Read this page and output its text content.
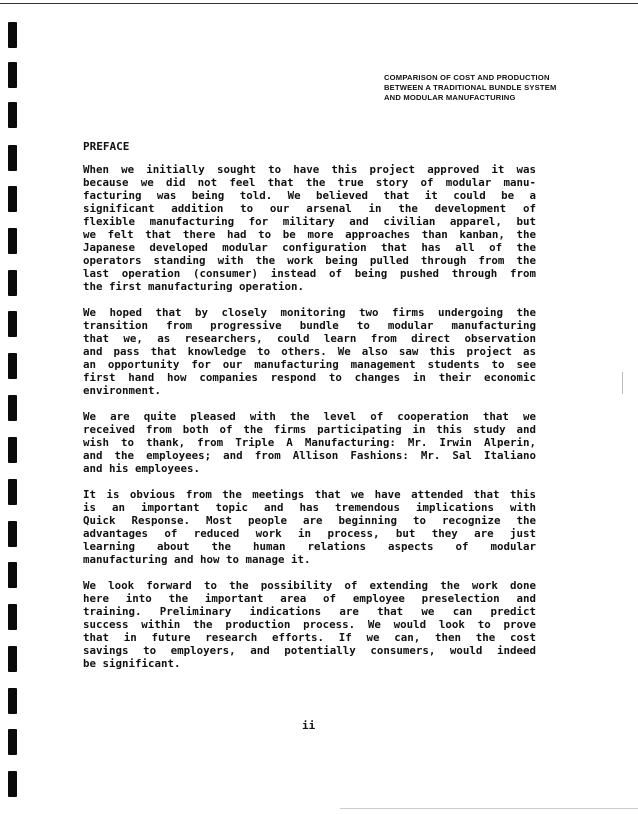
COMPARISON OF COST AND PRODUCTION
BETWEEN A TRADITIONAL BUNDLE SYSTEM
AND MODULAR MANUFACTURING
PREFACE
When we initially sought to have this project approved it was
because we did not feel that the true story of modular manu-
facturing was being told. We believed that it could be a
significant addition to our arsenal in the development of
flexible manufacturing for military and civilian apparel, but
we felt that there had to be more approaches than kanban, the
Japanese developed modular configuration that has all of the
operators standing with the work being pulled through from the
last operation (consumer) instead of being pushed through from
the first manufacturing operation.
We hoped that by closely monitoring two firms undergoing the
transition from progressive bundle to modular manufacturing
that we, as researchers, could learn from direct observation
and pass that knowledge to others. We also saw this project as
an opportunity for our manufacturing management students to see
first hand how companies respond to changes in their economic
environment.
We are quite pleased with the level of cooperation that we
received from both of the firms participating in this study and
wish to thank, from Triple A Manufacturing: Mr. Irwin Alperin,
and the employees; and from Allison Fashions: Mr. Sal Italiano
and his employees.
It is obvious from the meetings that we have attended that this
is an important topic and has tremendous implications with
Quick Response. Most people are beginning to recognize the
advantages of reduced work in process, but they are just
learning about the human relations aspects of modular
manufacturing and how to manage it.
We look forward to the possibility of extending the work done
here into the important area of employee preselection and
training. Preliminary indications are that we can predict
success within the production process. We would look to prove
that in future research efforts. If we can, then the cost
savings to employers, and potentially consumers, would indeed
be significant.
ii
